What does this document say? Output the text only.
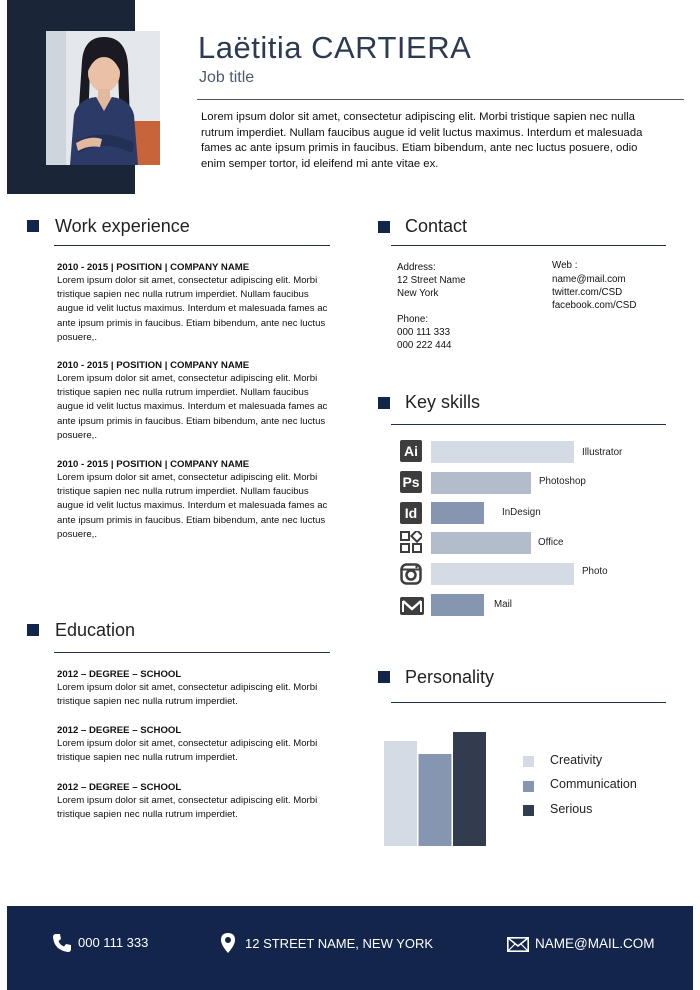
Laëtitia CARTIERA
Job title
Lorem ipsum dolor sit amet, consectetur adipiscing elit. Morbi tristique sapien nec nulla rutrum imperdiet. Nullam faucibus augue id velit luctus maximus. Interdum et malesuada fames ac ante ipsum primis in faucibus. Etiam bibendum, ante nec luctus posuere, odio enim semper tortor, id eleifend mi ante vitae ex.
Work experience
2010 - 2015 | POSITION | COMPANY NAME
Lorem ipsum dolor sit amet, consectetur adipiscing elit. Morbi tristique sapien nec nulla rutrum imperdiet. Nullam faucibus augue id velit luctus maximus. Interdum et malesuada fames ac ante ipsum primis in faucibus. Etiam bibendum, ante nec luctus posuere,.
2010 - 2015 | POSITION | COMPANY NAME
Lorem ipsum dolor sit amet, consectetur adipiscing elit. Morbi tristique sapien nec nulla rutrum imperdiet. Nullam faucibus augue id velit luctus maximus. Interdum et malesuada fames ac ante ipsum primis in faucibus. Etiam bibendum, ante nec luctus posuere,.
2010 - 2015 | POSITION | COMPANY NAME
Lorem ipsum dolor sit amet, consectetur adipiscing elit. Morbi tristique sapien nec nulla rutrum imperdiet. Nullam faucibus augue id velit luctus maximus. Interdum et malesuada fames ac ante ipsum primis in faucibus. Etiam bibendum, ante nec luctus posuere,.
Education
2012 – DEGREE – SCHOOL
Lorem ipsum dolor sit amet, consectetur adipiscing elit. Morbi tristique sapien nec nulla rutrum imperdiet.
2012 – DEGREE – SCHOOL
Lorem ipsum dolor sit amet, consectetur adipiscing elit. Morbi tristique sapien nec nulla rutrum imperdiet.
2012 – DEGREE – SCHOOL
Lorem ipsum dolor sit amet, consectetur adipiscing elit. Morbi tristique sapien nec nulla rutrum imperdiet.
Contact
Address:
12 Street Name
New York
Phone:
000 111 333
000 222 444
Web :
name@mail.com
twitter.com/CSD
facebook.com/CSD
Key skills
Ai	Illustrator
Ps	Photoshop
Id	InDesign
Office
Photo
Mail
Personality
Creativity
Communication
Serious
000 111 333	12 STREET NAME, NEW YORK	NAME@MAIL.COM
